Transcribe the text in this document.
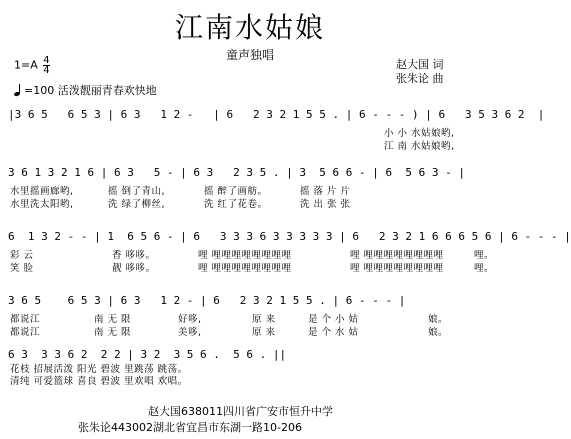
江南水姑娘
童声独唱
赵大国 词
张朱论 曲
$1=A \frac{4}{4}$
=100 活泼靓丽青春欢快地
|3 6 5   6 5 3 | 6 3   1 2 -   | 6   2 3 2 1 5 5 . | 6 - - - ) | 6   3 5 3 6 2  |
小 小 水姑娘哟,
江 南 水姑娘哟,
3 6 1 3 2 1 6 | 6 3   5 - | 6 3   2 3 5 . | 3  5 6 6 - | 6  5 6 3 - |
水里摇画廊哟,	摇 倒了青山,	摇 醉了画舫。	摇 落 片 片
水里洗太阳哟,	洗 绿了柳丝,	洗 红了花卷。	洗 出 张 张
6  1 3 2 - - | 1  6 5 6 - | 6   3 3 3 6 3 3 3 3 3 | 6   2 3 2 1 6 6 6 5 6 | 6 - - - |
彩 云	香 哆哆。	哩 哩哩哩哩哩哩哩哩	哩 哩哩哩哩哩哩哩哩	哩。
笑 脸	靓 哆哆。	哩 哩哩哩哩哩哩哩哩	哩 哩哩哩哩哩哩哩哩	哩。
3 6 5    6 5 3 | 6 3   1 2 - | 6   2 3 2 1 5 5 . | 6 - - - |
都说江	南 无 限	好哆,	原 来	是 个 小 姑	娘。
都说江	南 无 限	美哆,	原 来	是 个 水 姑	娘。
6 3  3 3 6 2  2 2 | 3 2  3 5 6 .  5 6 . ||
花枝 招展活泼 阳光 碧波 里跳荡 跳荡。
清纯 可爱篮球 喜良 碧波 里欢唱 欢唱。
赵大国638011四川省广安市恒升中学
张朱论443002湖北省宜昌市东湖一路10-206
